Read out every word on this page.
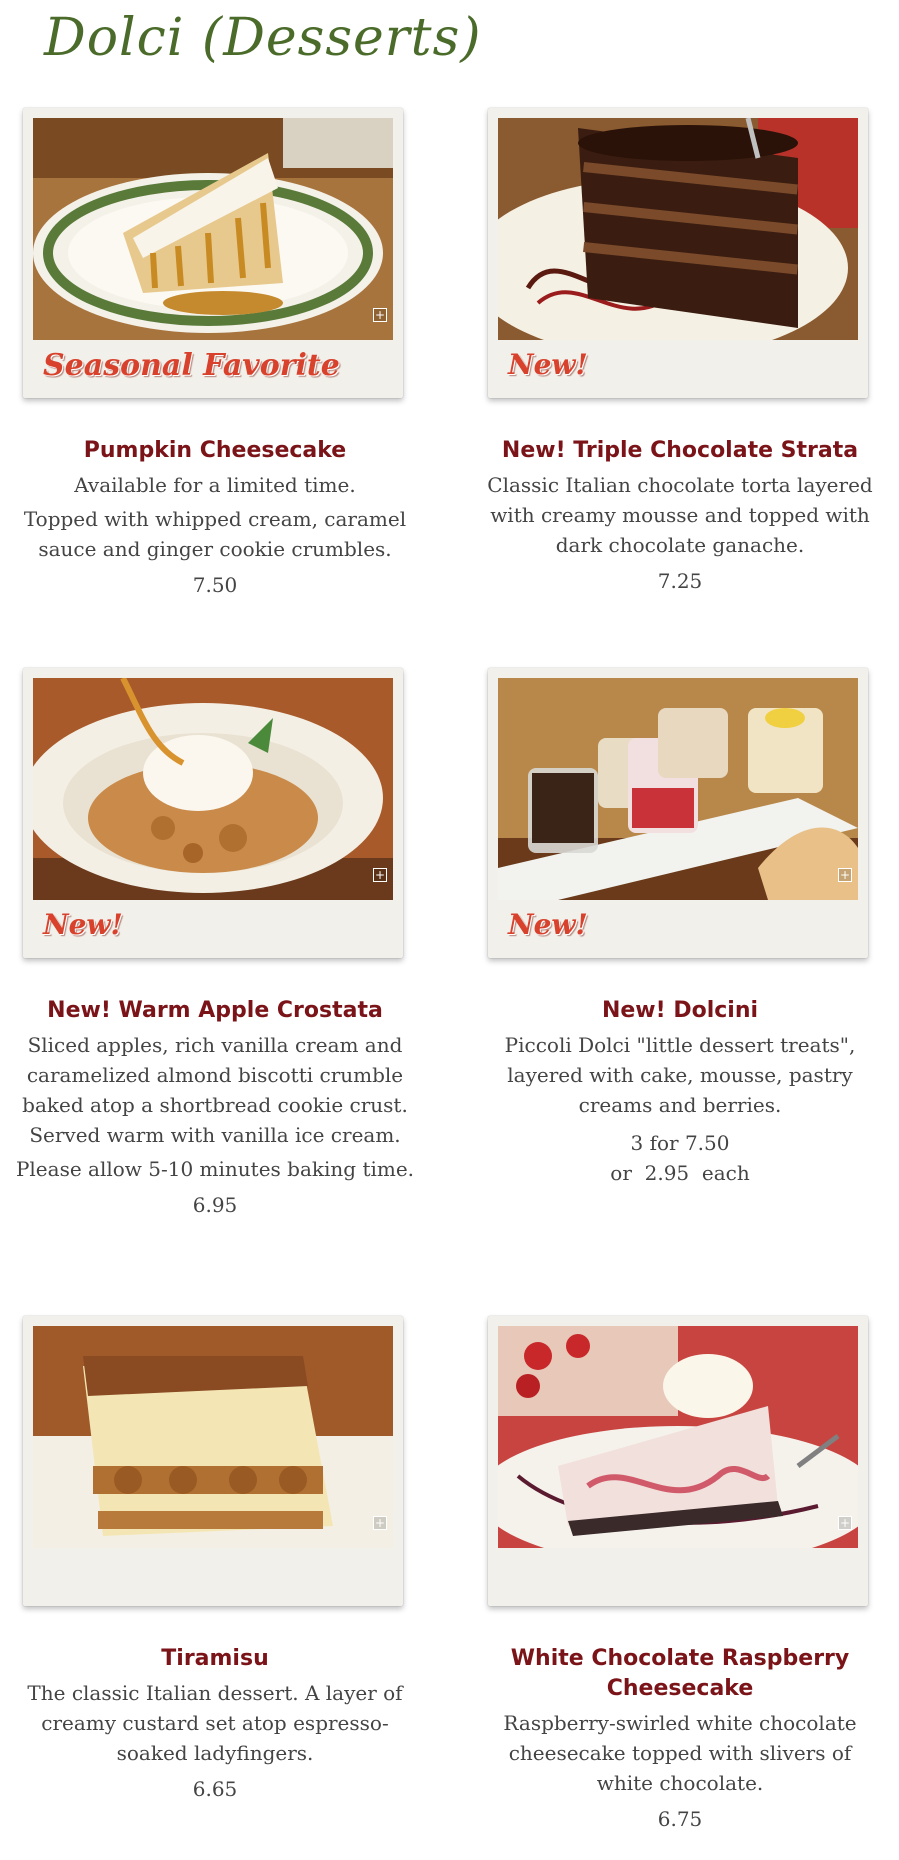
Dolci (Desserts)
+
Seasonal Favorite
Pumpkin Cheesecake
Available for a limited time.
Topped with whipped cream, caramel sauce and ginger cookie crumbles.
7.50
New!
New! Triple Chocolate Strata
Classic Italian chocolate torta layered with creamy mousse and topped with dark chocolate ganache.
7.25
+
New!
New! Warm Apple Crostata
Sliced apples, rich vanilla cream and caramelized almond biscotti crumble baked atop a shortbread cookie crust. Served warm with vanilla ice cream.
Please allow 5-10 minutes baking time.
6.95
+
New!
New! Dolcini
Piccoli Dolci "little dessert treats", layered with cake, mousse, pastry creams and berries.
3 for 7.50
or  2.95  each
+
Tiramisu
The classic Italian dessert. A layer of creamy custard set atop espresso-soaked ladyfingers.
6.65
+
White Chocolate Raspberry Cheesecake
Raspberry-swirled white chocolate cheesecake topped with slivers of white chocolate.
6.75
